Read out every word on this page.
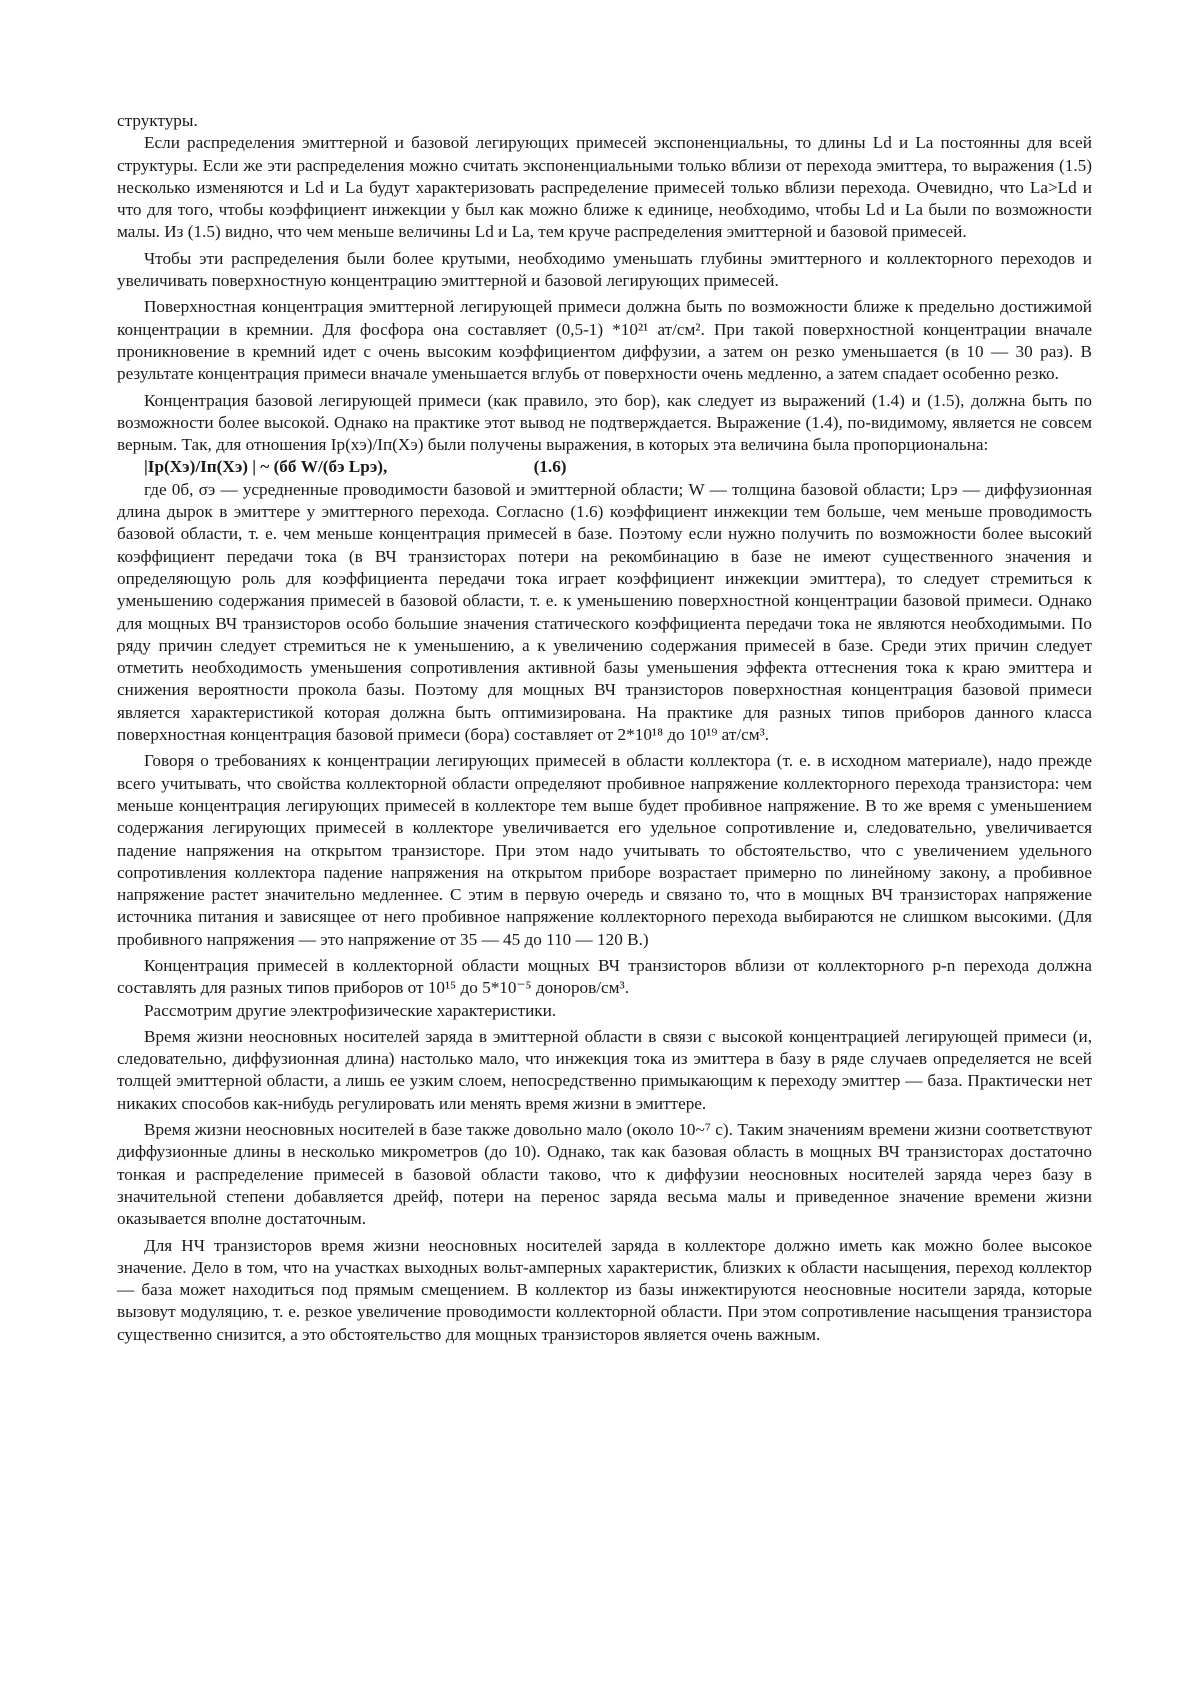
структуры.

Если распределения эмиттерной и базовой легирующих примесей экспоненциальны, то длины Ld и Lа постоянны для всей структуры. Если же эти распределения можно считать экспоненциальными только вблизи от перехода эмиттера, то выражения (1.5) несколько изменяются и Ld и Lа будут характеризовать распределение примесей только вблизи перехода. Очевидно, что Lа>Ld и что для того, чтобы коэффициент инжекции у был как можно ближе к единице, необходимо, чтобы Ld и Lа были по возможности малы. Из (1.5) видно, что чем меньше величины Ld и Lа, тем круче распределения эмиттерной и базовой примесей.

Чтобы эти распределения были более крутыми, необходимо уменьшать глубины эмиттерного и коллекторного переходов и увеличивать поверхностную концентрацию эмиттерной и базовой легирующих примесей.

Поверхностная концентрация эмиттерной легирующей примеси должна быть по возможности ближе к предельно достижимой концентрации в кремнии. Для фосфора она составляет (0,5-1) *10²¹ ат/см². При такой поверхностной концентрации вначале проникновение в кремний идет с очень высоким коэффициентом диффузии, а затем он резко уменьшается (в 10 — 30 раз). В результате концентрация примеси вначале уменьшается вглубь от поверхности очень медленно, а затем спадает особенно резко.

Концентрация базовой легирующей примеси (как правило, это бор), как следует из выражений (1.4) и (1.5), должна быть по возможности более высокой. Однако на практике этот вывод не подтверждается. Выражение (1.4), по-видимому, является не совсем верным. Так, для отношения Iр(xэ)/Iп(Xэ) были получены выражения, в которых эта величина была пропорциональна:

|Iр(Xэ)/Iп(Xэ) | ~ (бб W/(бэ Lрэ),	(1.6)

где 0б, σэ — усредненные проводимости базовой и эмиттерной области; W — толщина базовой области; Lрэ — диффузионная длина дырок в эмиттере у эмиттерного перехода. Согласно (1.6) коэффициент инжекции тем больше, чем меньше проводимость базовой области, т. е. чем меньше концентрация примесей в базе. Поэтому если нужно получить по возможности более высокий коэффициент передачи тока (в ВЧ транзисторах потери на рекомбинацию в базе не имеют существенного значения и определяющую роль для коэффициента передачи тока играет коэффициент инжекции эмиттера), то следует стремиться к уменьшению содержания примесей в базовой области, т. е. к уменьшению поверхностной концентрации базовой примеси. Однако для мощных ВЧ транзисторов особо большие значения статического коэффициента передачи тока не являются необходимыми. По ряду причин следует стремиться не к уменьшению, а к увеличению содержания примесей в базе. Среди этих причин следует отметить необходимость уменьшения сопротивления активной базы уменьшения эффекта оттеснения тока к краю эмиттера и снижения вероятности прокола базы. Поэтому для мощных ВЧ транзисторов поверхностная концентрация базовой примеси является характеристикой которая должна быть оптимизирована. На практике для разных типов приборов данного класса поверхностная концентрация базовой примеси (бора) составляет от 2*10¹⁸ до 10¹⁹ ат/см³.

Говоря о требованиях к концентрации легирующих примесей в области коллектора (т. е. в исходном материале), надо прежде всего учитывать, что свойства коллекторной области определяют пробивное напряжение коллекторного перехода транзистора: чем меньше концентрация легирующих примесей в коллекторе тем выше будет пробивное напряжение. В то же время с уменьшением содержания легирующих примесей в коллекторе увеличивается его удельное сопротивление и, следовательно, увеличивается падение напряжения на открытом транзисторе. При этом надо учитывать то обстоятельство, что с увеличением удельного сопротивления коллектора падение напряжения на открытом приборе возрастает примерно по линейному закону, а пробивное напряжение растет значительно медленнее. С этим в первую очередь и связано то, что в мощных ВЧ транзисторах напряжение источника питания и зависящее от него пробивное напряжение коллекторного перехода выбираются не слишком высокими. (Для пробивного напряжения — это напряжение от 35 — 45 до 110 — 120 В.)

Концентрация примесей в коллекторной области мощных ВЧ транзисторов вблизи от коллекторного p-n перехода должна составлять для разных типов приборов от 10¹⁵ до 5*10⁻⁵ доноров/см³.

Рассмотрим другие электрофизические характеристики.

Время жизни неосновных носителей заряда в эмиттерной области в связи с высокой концентрацией легирующей примеси (и, следовательно, диффузионная длина) настолько мало, что инжекция тока из эмиттера в базу в ряде случаев определяется не всей толщей эмиттерной области, а лишь ее узким слоем, непосредственно примыкающим к переходу эмиттер — база. Практически нет никаких способов как-нибудь регулировать или менять время жизни в эмиттере.

Время жизни неосновных носителей в базе также довольно мало (около 10~⁷ с). Таким значениям времени жизни соответствуют диффузионные длины в несколько микрометров (до 10). Однако, так как базовая область в мощных ВЧ транзисторах достаточно тонкая и распределение примесей в базовой области таково, что к диффузии неосновных носителей заряда через базу в значительной степени добавляется дрейф, потери на перенос заряда весьма малы и приведенное значение времени жизни оказывается вполне достаточным.

Для НЧ транзисторов время жизни неосновных носителей заряда в коллекторе должно иметь как можно более высокое значение. Дело в том, что на участках выходных вольт-амперных характеристик, близких к области насыщения, переход коллектор — база может находиться под прямым смещением. В коллектор из базы инжектируются неосновные носители заряда, которые вызовут модуляцию, т. е. резкое увеличение проводимости коллекторной области. При этом сопротивление насыщения транзистора существенно снизится, а это обстоятельство для мощных транзисторов является очень важным.
